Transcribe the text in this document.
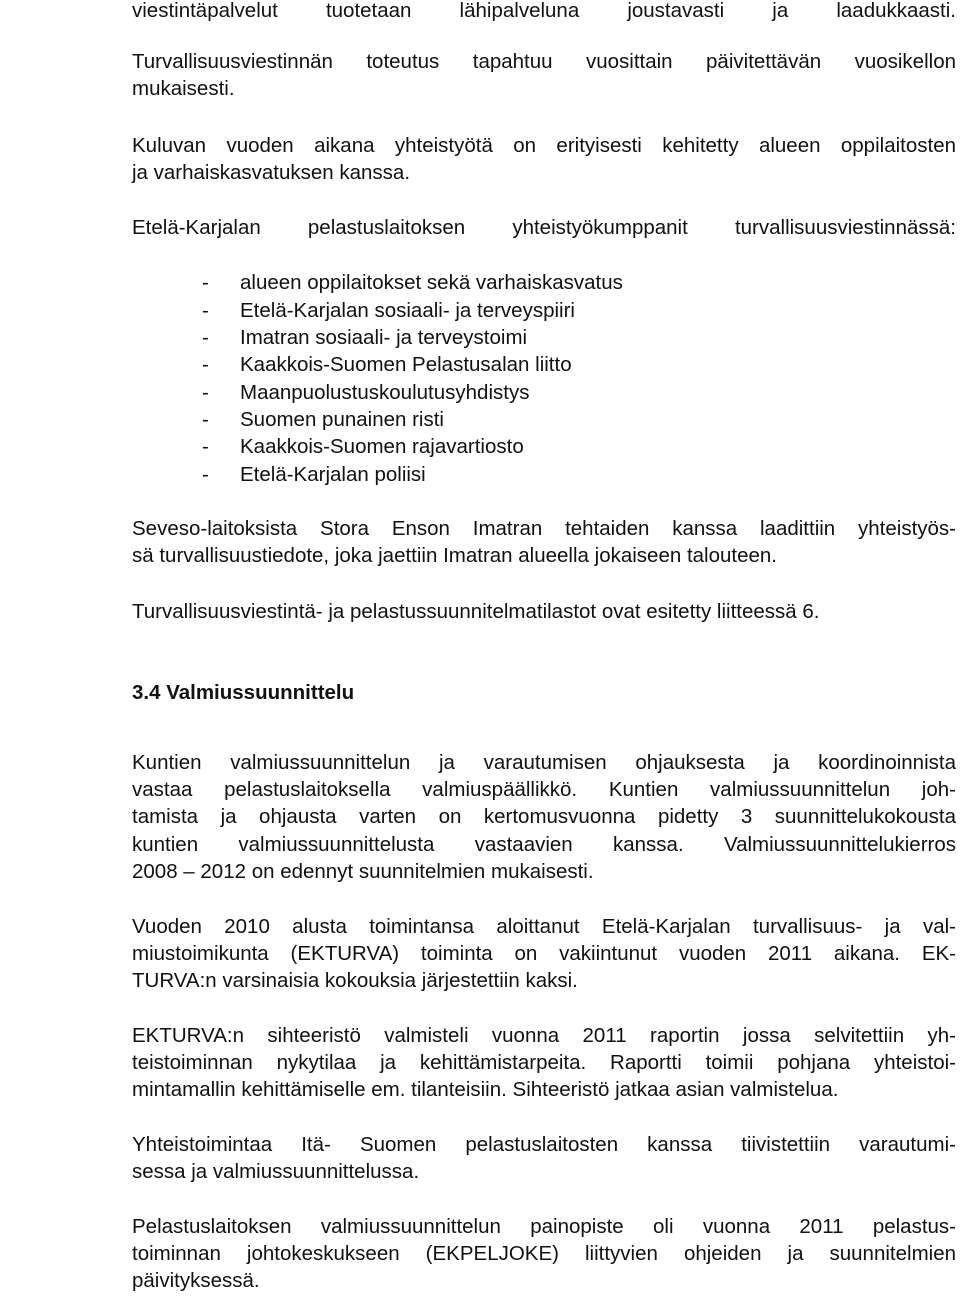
viestintäpalvelut tuotetaan lähipalveluna joustavasti ja laadukkaasti.

Turvallisuusviestinnän toteutus tapahtuu vuosittain päivitettävän vuosikellon

mukaisesti.

Kuluvan vuoden aikana yhteistyötä on erityisesti kehitetty alueen oppilaitosten

ja varhaiskasvatuksen kanssa.

Etelä-Karjalan pelastuslaitoksen yhteistyökumppanit turvallisuusviestinnässä:

- alueen oppilaitokset sekä varhaiskasvatus
- Etelä-Karjalan sosiaali- ja terveyspiiri
- Imatran sosiaali- ja terveystoimi
- Kaakkois-Suomen Pelastusalan liitto
- Maanpuolustuskoulutusyhdistys
- Suomen punainen risti
- Kaakkois-Suomen rajavartiosto
- Etelä-Karjalan poliisi

Seveso-laitoksista Stora Enson Imatran tehtaiden kanssa laadittiin yhteistyös-

sä turvallisuustiedote, joka jaettiin Imatran alueella jokaiseen talouteen.

Turvallisuusviestintä- ja pelastussuunnitelmatilastot ovat esitetty liitteessä 6.

3.4 Valmiussuunnittelu

Kuntien valmiussuunnittelun ja varautumisen ohjauksesta ja koordinoinnista

vastaa pelastuslaitoksella valmiuspäällikkö. Kuntien valmiussuunnittelun joh-

tamista ja ohjausta varten on kertomusvuonna pidetty 3 suunnittelukokousta

kuntien valmiussuunnittelusta vastaavien kanssa. Valmiussuunnittelukierros

2008 – 2012 on edennyt suunnitelmien mukaisesti.

Vuoden 2010 alusta toimintansa aloittanut Etelä-Karjalan turvallisuus- ja val-

miustoimikunta (EKTURVA) toiminta on vakiintunut vuoden 2011 aikana. EK-

TURVA:n varsinaisia kokouksia järjestettiin kaksi.

EKTURVA:n sihteeristö valmisteli vuonna 2011 raportin jossa selvitettiin yh-

teistoiminnan nykytilaa ja kehittämistarpeita. Raportti toimii pohjana yhteistoi-

mintamallin kehittämiselle em. tilanteisiin. Sihteeristö jatkaa asian valmistelua.

Yhteistoimintaa Itä- Suomen pelastuslaitosten kanssa tiivistettiin varautumi-

sessa ja valmiussuunnittelussa.

Pelastuslaitoksen valmiussuunnittelun painopiste oli vuonna 2011 pelastus-

toiminnan johtokeskukseen (EKPELJOKE) liittyvien ohjeiden ja suunnitelmien

päivityksessä.
